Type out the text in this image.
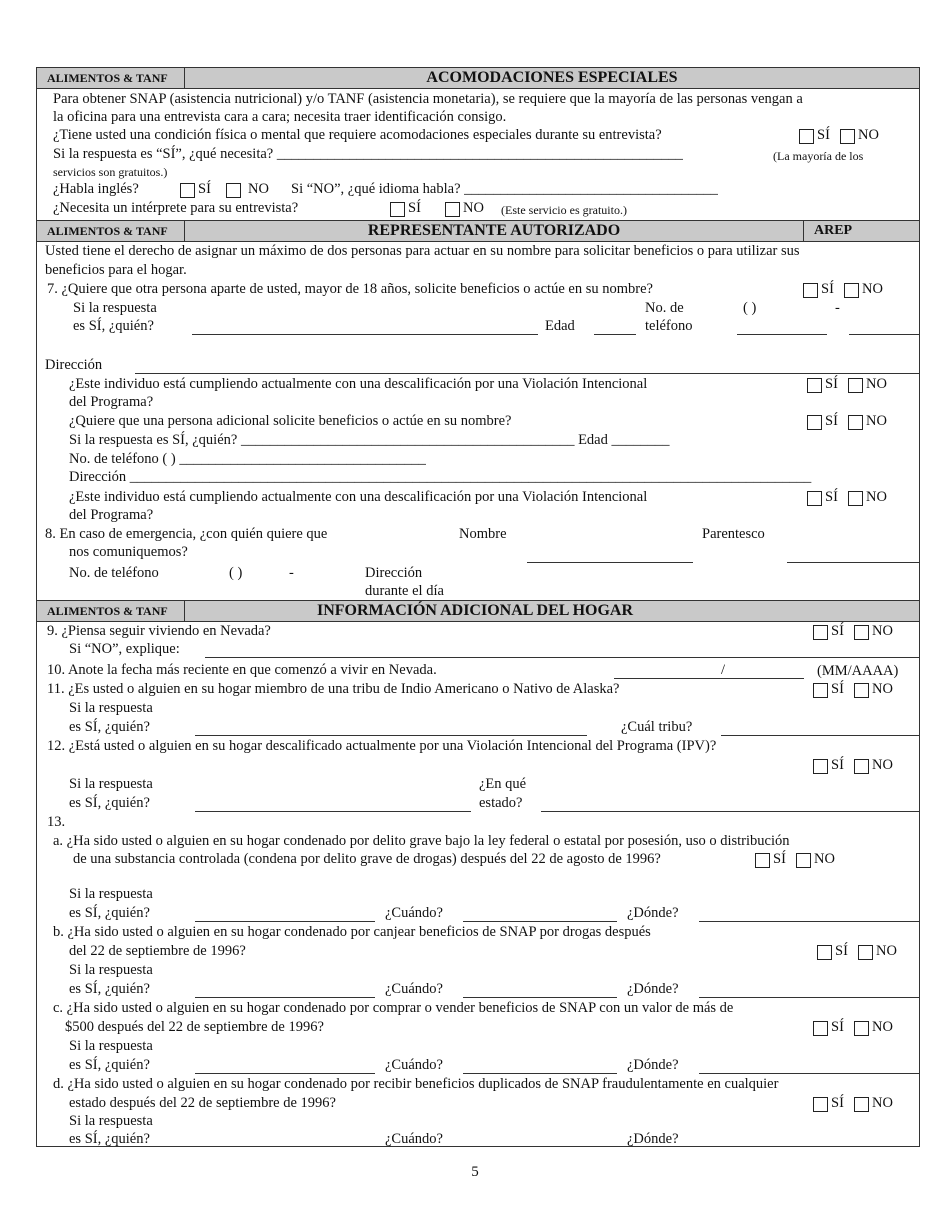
ALIMENTOS & TANF	ACOMODACIONES ESPECIALES
Para obtener SNAP (asistencia nutricional) y/o TANF (asistencia monetaria), se requiere que la mayoría de las personas vengan a
la oficina para una entrevista cara a cara; necesita traer identificación consigo.
¿Tiene usted una condición física o mental que requiere acomodaciones especiales durante su entrevista?	SÍ NO
Si la respuesta es “SÍ”, ¿qué necesita? ________________________________________________________	(La mayoría de los
servicios son gratuitos.)
¿Habla inglés?	SÍ	NO Si “NO”, ¿qué idioma habla? ___________________________________
¿Necesita un intérprete para su entrevista?	SÍ	NO (Este servicio es gratuito.)
ALIMENTOS & TANF	REPRESENTANTE AUTORIZADO	AREP
Usted tiene el derecho de asignar un máximo de dos personas para actuar en su nombre para solicitar beneficios o para utilizar sus
beneficios para el hogar.
7. ¿Quiere que otra persona aparte de usted, mayor de 18 años, solicite beneficios o actúe en su nombre?	SÍ NO
Si la respuesta
es SÍ, ¿quién?	Edad
No. de
teléfono
( )	-
Dirección
¿Este individuo está cumpliendo actualmente con una descalificación por una Violación Intencional
del Programa?
SÍ NO
¿Quiere que una persona adicional solicite beneficios o actúe en su nombre?	SÍ NO
Si la respuesta es SÍ, ¿quién? ______________________________________________ Edad ________
No. de teléfono ( ) __________________________________
Dirección ______________________________________________________________________________________________
¿Este individuo está cumpliendo actualmente con una descalificación por una Violación Intencional
del Programa?
SÍ NO
8. En caso de emergencia, ¿con quién quiere que
nos comuniquemos?
Nombre	Parentesco
No. de teléfono	( )	-	Dirección
durante el día
ALIMENTOS & TANF	INFORMACIÓN ADICIONAL DEL HOGAR
9. ¿Piensa seguir viviendo en Nevada?	SÍ NO
Si “NO”, explique:
10. Anote la fecha más reciente en que comenzó a vivir en Nevada.	/	(MM/AAAA)
11. ¿Es usted o alguien en su hogar miembro de una tribu de Indio Americano o Nativo de Alaska?	SÍ NO
Si la respuesta
es SÍ, ¿quién?	¿Cuál tribu?
12. ¿Está usted o alguien en su hogar descalificado actualmente por una Violación Intencional del Programa (IPV)?
SÍ NO
Si la respuesta
es SÍ, ¿quién?
¿En qué
estado?
13.
a. ¿Ha sido usted o alguien en su hogar condenado por delito grave bajo la ley federal o estatal por posesión, uso o distribución
de una substancia controlada (condena por delito grave de drogas) después del 22 de agosto de 1996?	SÍ NO
Si la respuesta
es SÍ, ¿quién?	¿Cuándo?	¿Dónde?
b. ¿Ha sido usted o alguien en su hogar condenado por canjear beneficios de SNAP por drogas después
del 22 de septiembre de 1996?	SÍ NO
Si la respuesta
es SÍ, ¿quién?	¿Cuándo?	¿Dónde?
c. ¿Ha sido usted o alguien en su hogar condenado por comprar o vender beneficios de SNAP con un valor de más de
$500 después del 22 de septiembre de 1996?	SÍ NO
Si la respuesta
es SÍ, ¿quién?	¿Cuándo?	¿Dónde?
d. ¿Ha sido usted o alguien en su hogar condenado por recibir beneficios duplicados de SNAP fraudulentamente en cualquier
estado después del 22 de septiembre de 1996?	SÍ NO
Si la respuesta
es SÍ, ¿quién?	¿Cuándo?	¿Dónde?
5
